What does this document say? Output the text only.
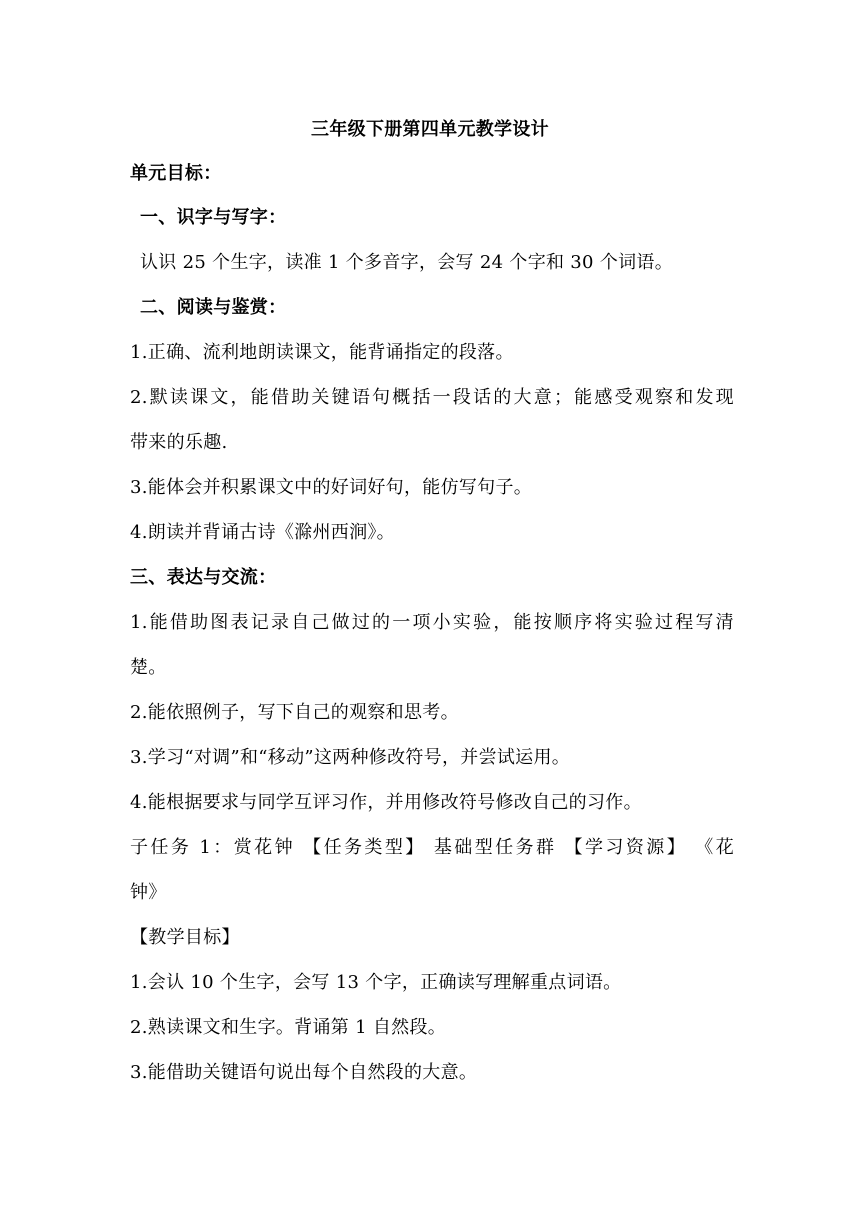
三年级下册第四单元教学设计
单元目标：
一、识字与写字：
认识 25 个生字，读准 1 个多音字，会写 24 个字和 30 个词语。
二、阅读与鉴赏：
1.正确、流利地朗读课文，能背诵指定的段落。
2.默读课文，能借助关键语句概括一段话的大意；能感受观察和发现
带来的乐趣.
3.能体会并积累课文中的好词好句，能仿写句子。
4.朗读并背诵古诗《滁州西涧》。
三、表达与交流：
1.能借助图表记录自己做过的一项小实验，能按顺序将实验过程写清
楚。
2.能依照例子，写下自己的观察和思考。
3.学习“对调”和“移动”这两种修改符号，并尝试运用。
4.能根据要求与同学互评习作，并用修改符号修改自己的习作。
子任务 1：赏花钟 【任务类型】 基础型任务群 【学习资源】 《花
钟》
【教学目标】
1.会认 10 个生字，会写 13 个字，正确读写理解重点词语。
2.熟读课文和生字。背诵第 1 自然段。
3.能借助关键语句说出每个自然段的大意。
